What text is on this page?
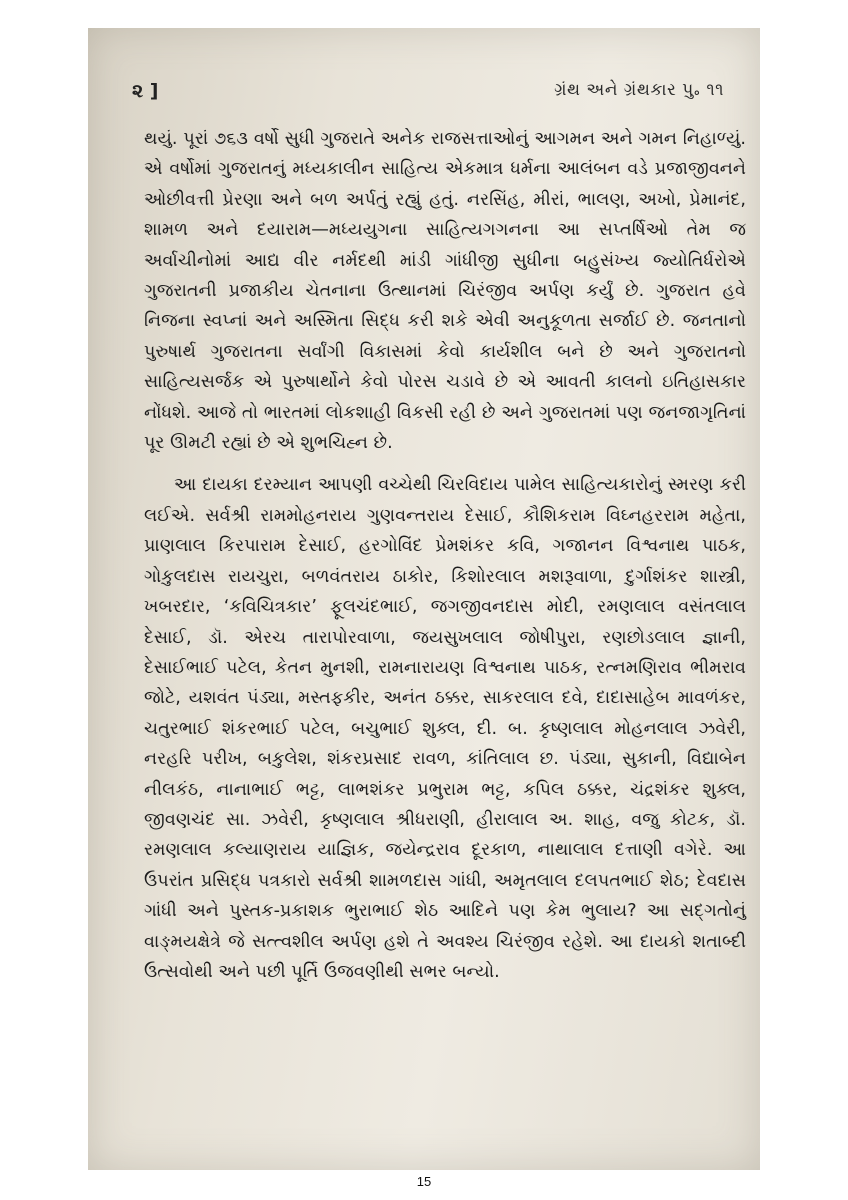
૨ ]	ગ્રંથ અને ગ્રંથકાર પુ૰ ૧૧

થયું. પૂરાં ૭૬૩ વર્ષો સુધી ગુજરાતે અનેક રાજસત્તાઓનું આગમન અને ગમન નિહાળ્યું. એ વર્ષોમાં ગુજરાતનું મધ્યકાલીન સાહિત્ય એકમાત્ર ધર્મના આલંબન વડે પ્રજાજીવનને ઓછીવત્તી પ્રેરણા અને બળ અર્પતું રહ્યું હતું. નરસિંહ, મીરાં, ભાલણ, અખો, પ્રેમાનંદ, શામળ અને દયારામ—મધ્યયુગના સાહિત્યગગનના આ સપ્તર્ષિઓ તેમ જ અર્વાચીનોમાં આદ્ય વીર નર્મદથી માંડી ગાંધીજી સુધીના બહુસંખ્ય જ્યોતિર્ધરોએ ગુજરાતની પ્રજાકીય ચેતનાના ઉત્થાનમાં ચિરંજીવ અર્પણ કર્યું છે. ગુજરાત હવે નિજના સ્વપ્નાં અને અસ્મિતા સિદ્ધ કરી શકે એવી અનુકૂળતા સર્જાઈ છે. જનતાનો પુરુષાર્થ ગુજરાતના સર્વાંગી વિકાસમાં કેવો કાર્યશીલ બને છે અને ગુજરાતનો સાહિત્યસર્જક એ પુરુષાર્થોને કેવો પોરસ ચડાવે છે એ આવતી કાલનો ઇતિહાસકાર નોંધશે. આજે તો ભારતમાં લોકશાહી વિકસી રહી છે અને ગુજરાતમાં પણ જનજાગૃતિનાં પૂર ઊમટી રહ્યાં છે એ શુભચિહ્ન છે.

આ દાયકા દરમ્યાન આપણી વચ્ચેથી ચિરવિદાય પામેલ સાહિત્યકારોનું સ્મરણ કરી લઈએ. સર્વશ્રી રામમોહનરાય ગુણવન્તરાય દેસાઈ, કૌશિકરામ વિઘ્નહરરામ મહેતા, પ્રાણલાલ કિરપારામ દેસાઈ, હરગોવિંદ પ્રેમશંકર કવિ, ગજાનન વિશ્વનાથ પાઠક, ગોકુલદાસ રાયચુરા, બળવંતરાય ઠાકોર, કિશોરલાલ મશરૂવાળા, દુર્ગાશંકર શાસ્ત્રી, ખબરદાર, ‘કવિચિત્રકાર’ ફૂલચંદભાઈ, જગજીવનદાસ મોદી, રમણલાલ વસંતલાલ દેસાઈ, ડૉ. એરચ તારાપોરવાળા, જયસુખલાલ જોષીપુરા, રણછોડલાલ જ્ઞાની, દેસાઈભાઈ પટેલ, કેતન મુનશી, રામનારાયણ વિશ્વનાથ પાઠક, રત્નમણિરાવ ભીમરાવ જોટે, યશવંત પંડ્યા, મસ્તફકીર, અનંત ઠક્કર, સાકરલાલ દવે, દાદાસાહેબ માવળંકર, ચતુરભાઈ શંકરભાઈ પટેલ, બચુભાઈ શુક્લ, દી. બ. કૃષ્ણલાલ મોહનલાલ ઝવેરી, નરહરિ પરીખ, બકુલેશ, શંકરપ્રસાદ રાવળ, કાંતિલાલ છ. પંડ્યા, સુકાની, વિદ્યાબેન નીલકંઠ, નાનાભાઈ ભટ્ટ, લાભશંકર પ્રભુરામ ભટ્ટ, કપિલ ઠક્કર, ચંદ્રશંકર શુક્લ, જીવણચંદ સા. ઝવેરી, કૃષ્ણલાલ શ્રીધરાણી, હીરાલાલ અ. શાહ, વજુ કોટક, ડૉ. રમણલાલ કલ્યાણરાય યાજ્ઞિક, જયેન્દ્રરાવ દૂરકાળ, નાથાલાલ દત્તાણી વગેરે. આ ઉપરાંત પ્રસિદ્ધ પત્રકારો સર્વશ્રી શામળદાસ ગાંધી, અમૃતલાલ દલપતભાઈ શેઠ; દેવદાસ ગાંધી અને પુસ્તક-પ્રકાશક ભુરાભાઈ શેઠ આદિને પણ કેમ ભુલાય? આ સદ્ગતોનું વાઙ્મયક્ષેત્રે જે સત્ત્વશીલ અર્પણ હશે તે અવશ્ય ચિરંજીવ રહેશે. આ દાયકો શતાબ્દી ઉત્સવોથી અને પછી પૂર્તિ ઉજવણીથી સભર બન્યો.

15
